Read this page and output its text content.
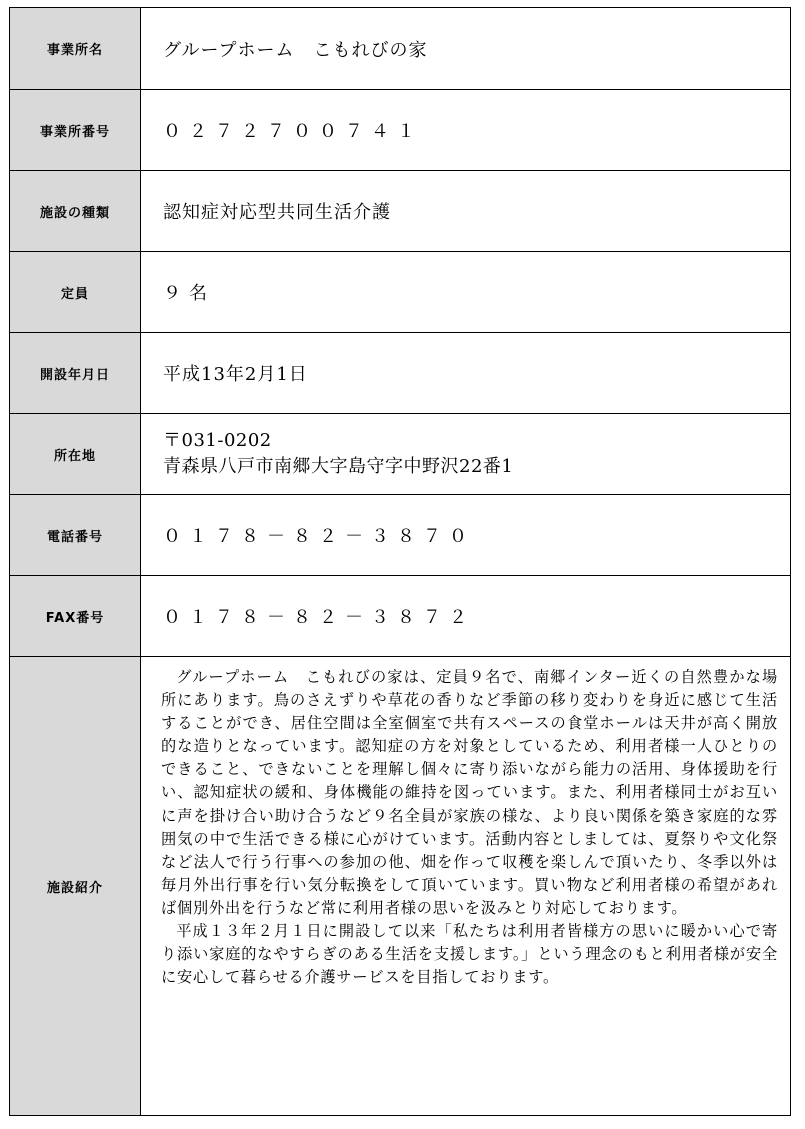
事業所名	グループホーム　こもれびの家
事業所番号	０２７２７００７４１
施設の種類	認知症対応型共同生活介護
定員	９名
開設年月日	平成13年2月1日
所在地
〒031-0202
青森県八戸市南郷大字島守字中野沢22番1
電話番号	０１７８－８２－３８７０
FAX番号	０１７８－８２－３８７２
施設紹介

グループホーム　こもれびの家は、定員９名で、南郷インター近くの自然豊かな場所にあります。鳥のさえずりや草花の香りなど季節の移り変わりを身近に感じて生活することができ、居住空間は全室個室で共有スペースの食堂ホールは天井が高く開放的な造りとなっています。認知症の方を対象としているため、利用者様一人ひとりのできること、できないことを理解し個々に寄り添いながら能力の活用、身体援助を行い、認知症状の緩和、身体機能の維持を図っています。また、利用者様同士がお互いに声を掛け合い助け合うなど９名全員が家族の様な、より良い関係を築き家庭的な雰囲気の中で生活できる様に心がけています。活動内容としましては、夏祭りや文化祭など法人で行う行事への参加の他、畑を作って収穫を楽しんで頂いたり、冬季以外は毎月外出行事を行い気分転換をして頂いています。買い物など利用者様の希望があれば個別外出を行うなど常に利用者様の思いを汲みとり対応しております。

平成１３年２月１日に開設して以来「私たちは利用者皆様方の思いに暖かい心で寄り添い家庭的なやすらぎのある生活を支援します。」という理念のもと利用者様が安全に安心して暮らせる介護サービスを目指しております。
